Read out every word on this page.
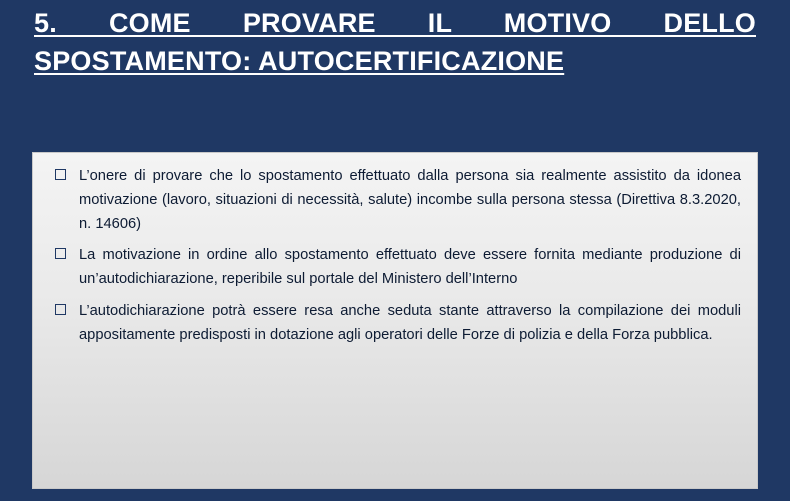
5. COME PROVARE IL MOTIVO DELLO
SPOSTAMENTO: AUTOCERTIFICAZIONE
L’onere di provare che lo spostamento effettuato dalla persona sia realmente assistito da idonea motivazione (lavoro, situazioni di necessità, salute) incombe sulla persona stessa (Direttiva 8.3.2020, n. 14606)
La motivazione in ordine allo spostamento effettuato deve essere fornita mediante produzione di un’autodichiarazione, reperibile sul portale del Ministero dell’Interno
L’autodichiarazione potrà essere resa anche seduta stante attraverso la compilazione dei moduli appositamente predisposti in dotazione agli operatori delle Forze di polizia e della Forza pubblica.
